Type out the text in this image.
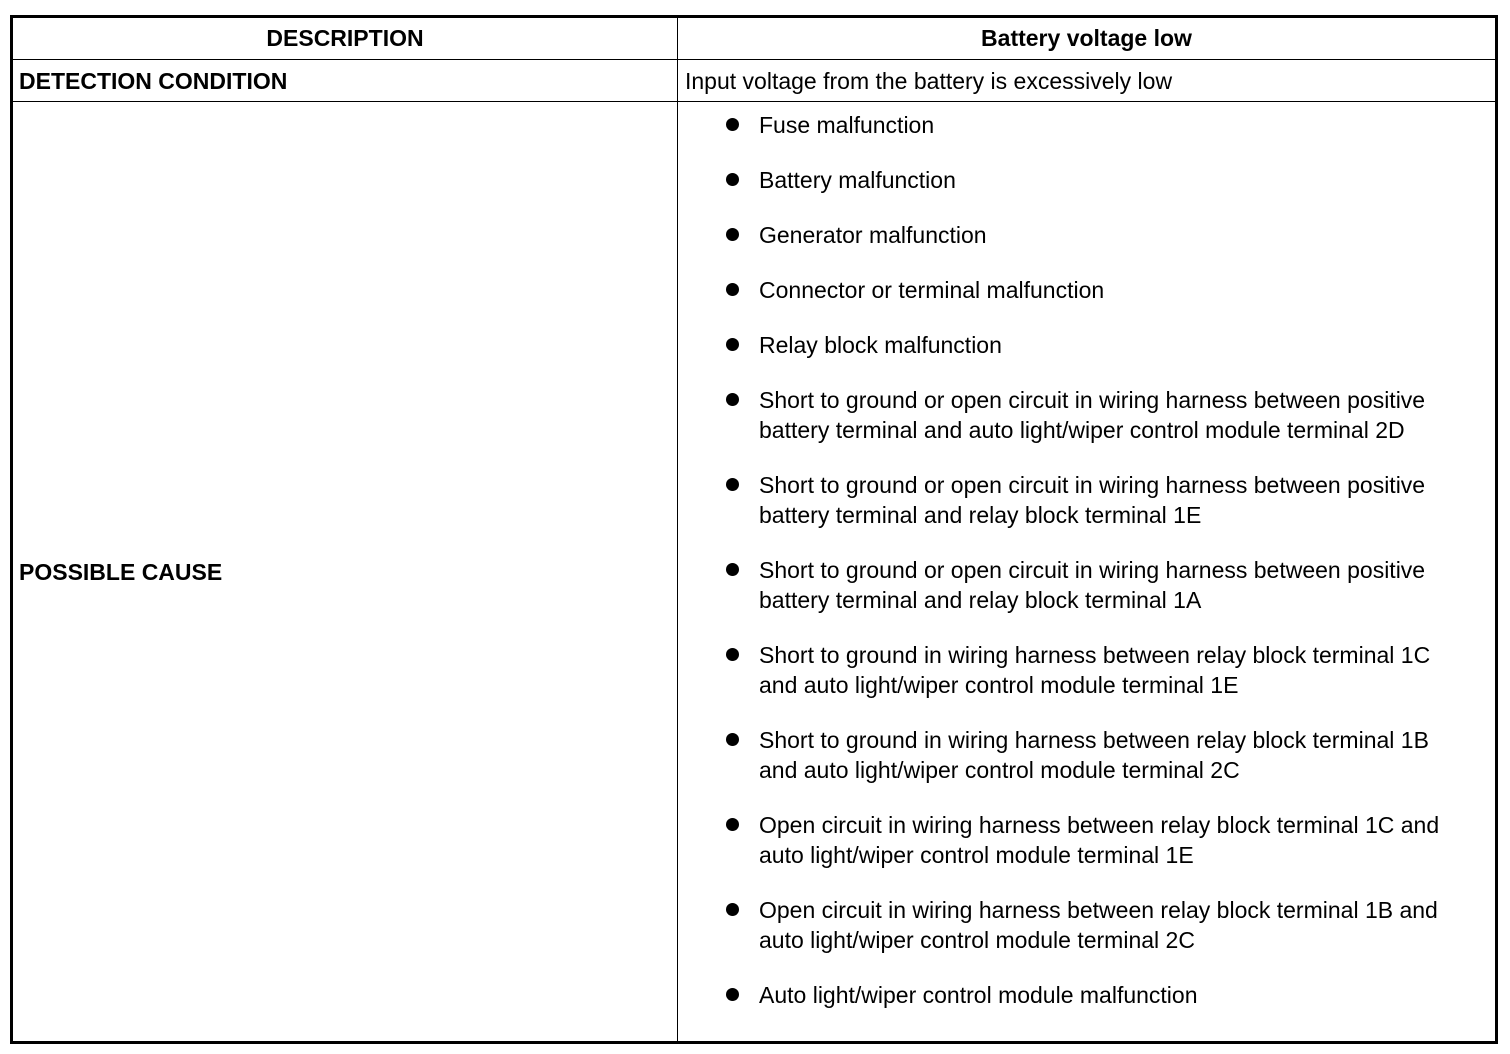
DESCRIPTION	Battery voltage low
DETECTION CONDITION	Input voltage from the battery is excessively low
POSSIBLE CAUSE
Fuse malfunction
Battery malfunction
Generator malfunction
Connector or terminal malfunction
Relay block malfunction
Short to ground or open circuit in wiring harness between positive battery terminal and auto light/wiper control module terminal 2D
Short to ground or open circuit in wiring harness between positive battery terminal and relay block terminal 1E
Short to ground or open circuit in wiring harness between positive battery terminal and relay block terminal 1A
Short to ground in wiring harness between relay block terminal 1C and auto light/wiper control module terminal 1E
Short to ground in wiring harness between relay block terminal 1B and auto light/wiper control module terminal 2C
Open circuit in wiring harness between relay block terminal 1C and auto light/wiper control module terminal 1E
Open circuit in wiring harness between relay block terminal 1B and auto light/wiper control module terminal 2C
Auto light/wiper control module malfunction
